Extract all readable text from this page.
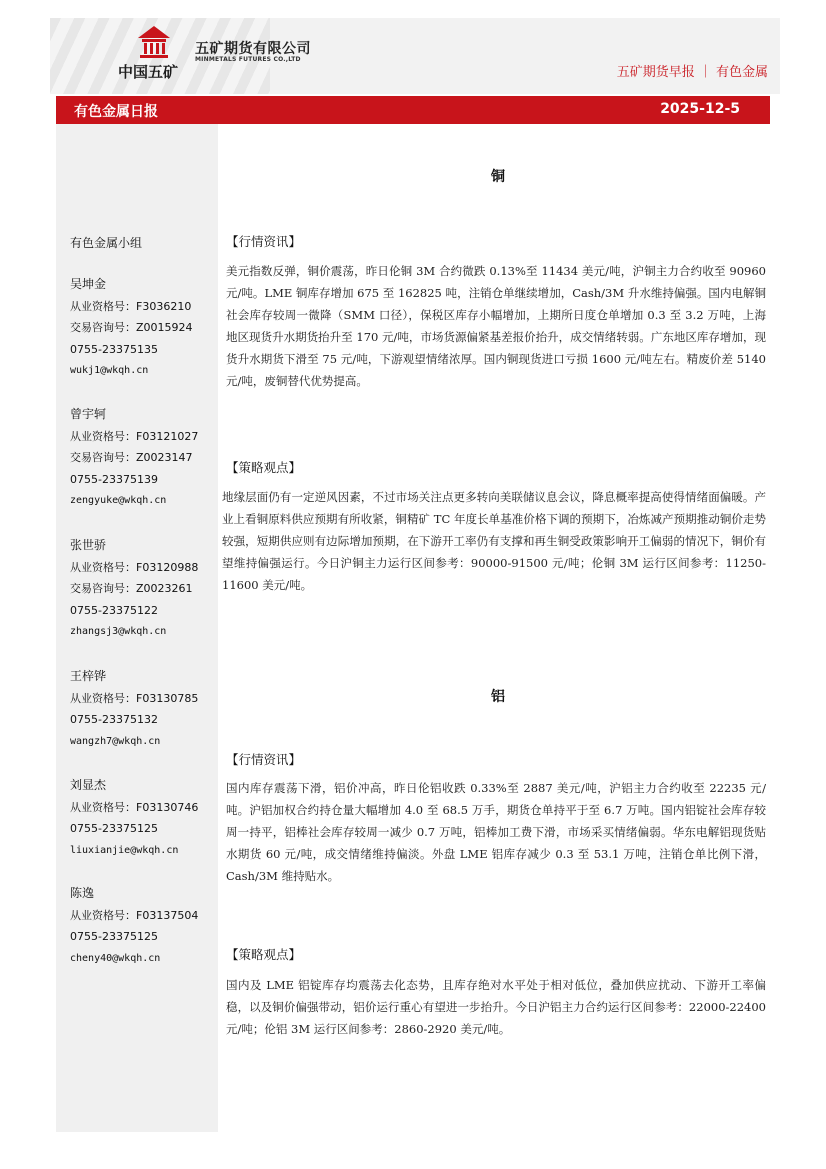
中国五矿
五矿期货有限公司
MINMETALS FUTURES CO.,LTD
五矿期货早报 ｜ 有色金属
有色金属日报	2025-12-5
有色金属小组
吴坤金
从业资格号：F3036210
交易咨询号：Z0015924
0755-23375135
wukj1@wkqh.cn
曾宇轲
从业资格号：F03121027
交易咨询号：Z0023147
0755-23375139
zengyuke@wkqh.cn
张世骄
从业资格号：F03120988
交易咨询号：Z0023261
0755-23375122
zhangsj3@wkqh.cn
王梓铧
从业资格号：F03130785
0755-23375132
wangzh7@wkqh.cn
刘显杰
从业资格号：F03130746
0755-23375125
liuxianjie@wkqh.cn
陈逸
从业资格号：F03137504
0755-23375125
cheny40@wkqh.cn
铜
【行情资讯】

美元指数反弹，铜价震荡，昨日伦铜 3M 合约微跌 0.13%至 11434 美元/吨，沪铜主力合约收至 90960 元/吨。LME 铜库存增加 675 至 162825 吨，注销仓单继续增加，Cash/3M 升水维持偏强。国内电解铜社会库存较周一微降（SMM 口径），保税区库存小幅增加，上期所日度仓单增加 0.3 至 3.2 万吨，上海地区现货升水期货抬升至 170 元/吨，市场货源偏紧基差报价抬升，成交情绪转弱。广东地区库存增加，现货升水期货下滑至 75 元/吨，下游观望情绪浓厚。国内铜现货进口亏损 1600 元/吨左右。精废价差 5140 元/吨，废铜替代优势提高。

【策略观点】

地缘层面仍有一定逆风因素，不过市场关注点更多转向美联储议息会议，降息概率提高使得情绪面偏暖。产业上看铜原料供应预期有所收紧，铜精矿 TC 年度长单基准价格下调的预期下，冶炼减产预期推动铜价走势较强，短期供应则有边际增加预期，在下游开工率仍有支撑和再生铜受政策影响开工偏弱的情况下，铜价有望维持偏强运行。今日沪铜主力运行区间参考：90000-91500 元/吨；伦铜 3M 运行区间参考：11250-11600 美元/吨。

铝
【行情资讯】

国内库存震荡下滑，铝价冲高，昨日伦铝收跌 0.33%至 2887 美元/吨，沪铝主力合约收至 22235 元/吨。沪铝加权合约持仓量大幅增加 4.0 至 68.5 万手，期货仓单持平于至 6.7 万吨。国内铝锭社会库存较周一持平，铝棒社会库存较周一减少 0.7 万吨，铝棒加工费下滑，市场采买情绪偏弱。华东电解铝现货贴水期货 60 元/吨，成交情绪维持偏淡。外盘 LME 铝库存减少 0.3 至 53.1 万吨，注销仓单比例下滑，Cash/3M 维持贴水。

【策略观点】

国内及 LME 铝锭库存均震荡去化态势，且库存绝对水平处于相对低位，叠加供应扰动、下游开工率偏稳，以及铜价偏强带动，铝价运行重心有望进一步抬升。今日沪铝主力合约运行区间参考：22000-22400 元/吨；伦铝 3M 运行区间参考：2860-2920 美元/吨。
